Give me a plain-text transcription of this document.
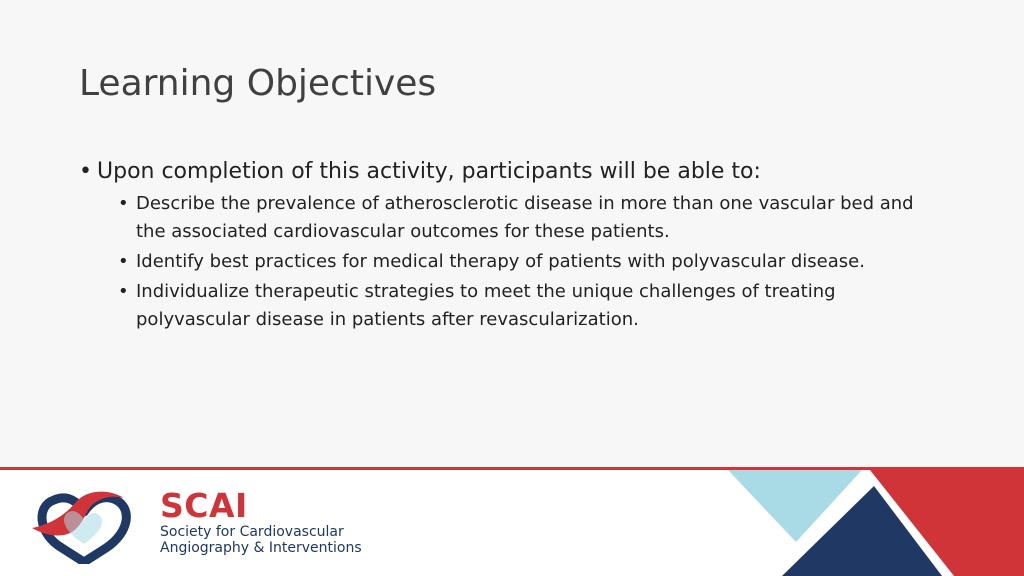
Learning Objectives
• Upon completion of this activity, participants will be able to:
• Describe the prevalence of atherosclerotic disease in more than one vascular bed and the associated cardiovascular outcomes for these patients.
• Identify best practices for medical therapy of patients with polyvascular disease.
• Individualize therapeutic strategies to meet the unique challenges of treating polyvascular disease in patients after revascularization.
SCAI
Society for Cardiovascular
Angiography & Interventions
